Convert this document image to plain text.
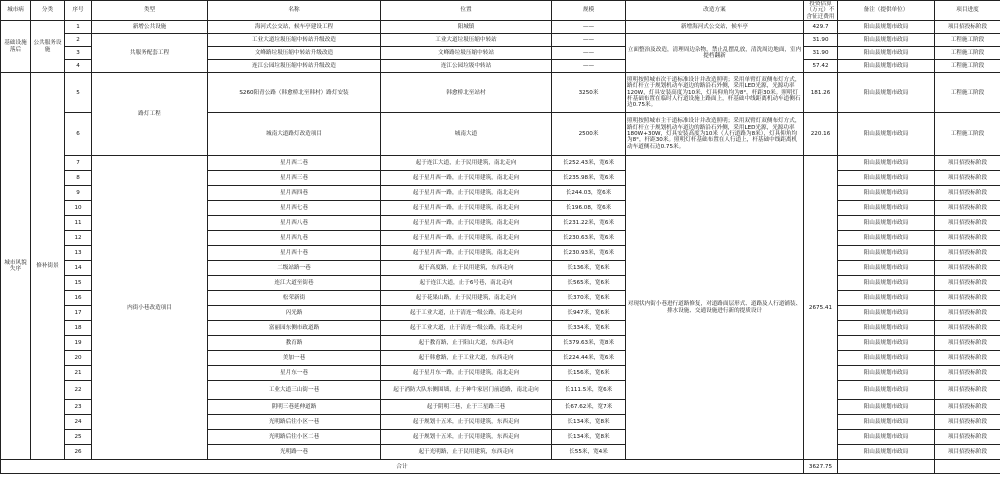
城市病	分类	序号	类型	名称	位置	规模	改造方案	投资估算（万元）不含征迁费用	备注（提供单位）	项目进度
基础设施落后	公共服务设施	1	新增公共设施	海河式公交站，候车亭建设工程	阳城镇	——	新增海河式公交站，候车亭	429.7	阳山县规划市政局	项目招投标阶段
		2	共服务配套工程	工业大道垃圾压缩中转站升级改造	工业大道垃圾压缩中转站	——	立面整治及改造，清理周边杂物，禁止乱摆乱放，清洗周边地面，室内提档翻新	31.90	阳山县规划市政局	工程施工阶段
		3		文峰路垃圾压缩中转站升级改造	文峰路垃圾压缩中转站	——		31.90	阳山县规划市政局	工程施工阶段
		4		连江公园垃圾压缩中转站升级改造	连江公园垃圾中转站	——		57.42	阳山县规划市政局	工程施工阶段
城市风貌失序	修补街景	5	路灯工程	S260阳青公路（韩愈桥北至韩村）路灯安装	韩愈桥北至站村	3250米	照明按照城市次干道标准设计并改造照明；采用单臂灯双侧布灯方式，路灯杆立于规划机动车道边的路沿石外侧，采用LED光源，光源功率120W，灯具安装高度为10米，灯具仰角均为8°，杆距30米。照明灯杆基础布置在临时人行道设施上路面上，杆基础中线距离机动车道侧石边0.75米。	181.26	阳山县规划市政局	工程施工阶段
		6		城南大道路灯改造项目	城南大道	2500米	照明按照城市主干道标准设计并改造照明；采用双臂灯双侧布灯方式，路灯杆立于规划机动车道边的路沿石外侧，采用LED光源，光源功率180W+30W，灯具安装高度为10米（人行道路为8米），灯具仰角均为8°，杆距30米。照明灯杆基础布置在人行道上，杆基础中线距离机动车道侧石边0.75米。	220.16	阳山县规划市政局	工程施工阶段
		7	内街小巷改造项目	星月西二巷	起于连江大道，止于民用建筑，南北走向	长252.43米，宽6米	对现状内街小巷进行道路修复，对道路面层形式、道路及人行道铺装、排水设施、交通设施进行新的提质设计	2675.41	阳山县规划市政局	项目招投标阶段
		8		星月西三巷	起于星月西一路，止于民用建筑，南北走向	长235.98米，宽6米			阳山县规划市政局	项目招投标阶段
		9		星月西四巷	起于星月西一路，止于民用建筑，南北走向	长244.03，宽6米			阳山县规划市政局	项目招投标阶段
		10		星月西七巷	起于星月西一路，止于民用建筑，南北走向	长196.08，宽6米			阳山县规划市政局	项目招投标阶段
		11		星月西八巷	起于星月西一路，止于民用建筑，南北走向	长231.22米，宽6米			阳山县规划市政局	项目招投标阶段
		12		星月西九巷	起于星月西一路，止于民用建筑，南北走向	长230.63米，宽6米			阳山县规划市政局	项目招投标阶段
		13		星月西十巷	起于星月西一路，止于民用建筑，南北走向	长230.93米，宽6米			阳山县规划市政局	项目招投标阶段
		14		二级站路一巷	起于高度路，止于民用建筑，东西走向	长136米，宽6米			阳山县规划市政局	项目招投标阶段
		15		连江大道至街巷	起于连江大道，止于6号巷，南北走向	长565米，宽6米			阳山县规划市政局	项目招投标阶段
		16		松荣新街	起于花果山路，止于民用建筑，南北走向	长370米，宽6米			阳山县规划市政局	项目招投标阶段
		17		闪光路	起于工业大道，止于清连一级公路，南北走向	长947米，宽6米			阳山县规划市政局	项目招投标阶段
		18		富丽园东侧市政道路	起于工业大道，止于清连一级公路，南北走向	长334米，宽6米			阳山县规划市政局	项目招投标阶段
		19		教育路	起于教育路，止于阳山大道，东西走向	长379.63米，宽8米			阳山县规划市政局	项目招投标阶段
		20		美加一巷	起于韩愈路，止于工业大道，东西走向	长224.44米，宽6米			阳山县规划市政局	项目招投标阶段
		21		星月东一巷	起于星月东一路，止于民用建筑，南北走向	长156米，宽6米			阳山县规划市政局	项目招投标阶段
		22		工业大道三山街一巷	起于消防大队东侧围墙，止于神牛家居门前道路，南北走向	长111.5米，宽6米			阳山县规划市政局	项目招投标阶段
		23		阴明三巷延伸道路	起于阴明三巷，止于三星路三巷	长67.62米，宽7米			阳山县规划市政局	项目招投标阶段
		24		光明路后往小区一巷	起于规划十五米，止于民用建筑，东西走向	长134米，宽8米			阳山县规划市政局	项目招投标阶段
		25		光明路后往小区二巷	起于规划十五米，止于民用建筑，东西走向	长134米，宽8米			阳山县规划市政局	项目招投标阶段
		26		光明路一巷	起于光明路，止于民用建筑，东西走向	长55米，宽4米			阳山县规划市政局	项目招投标阶段
合计								3627.75		
